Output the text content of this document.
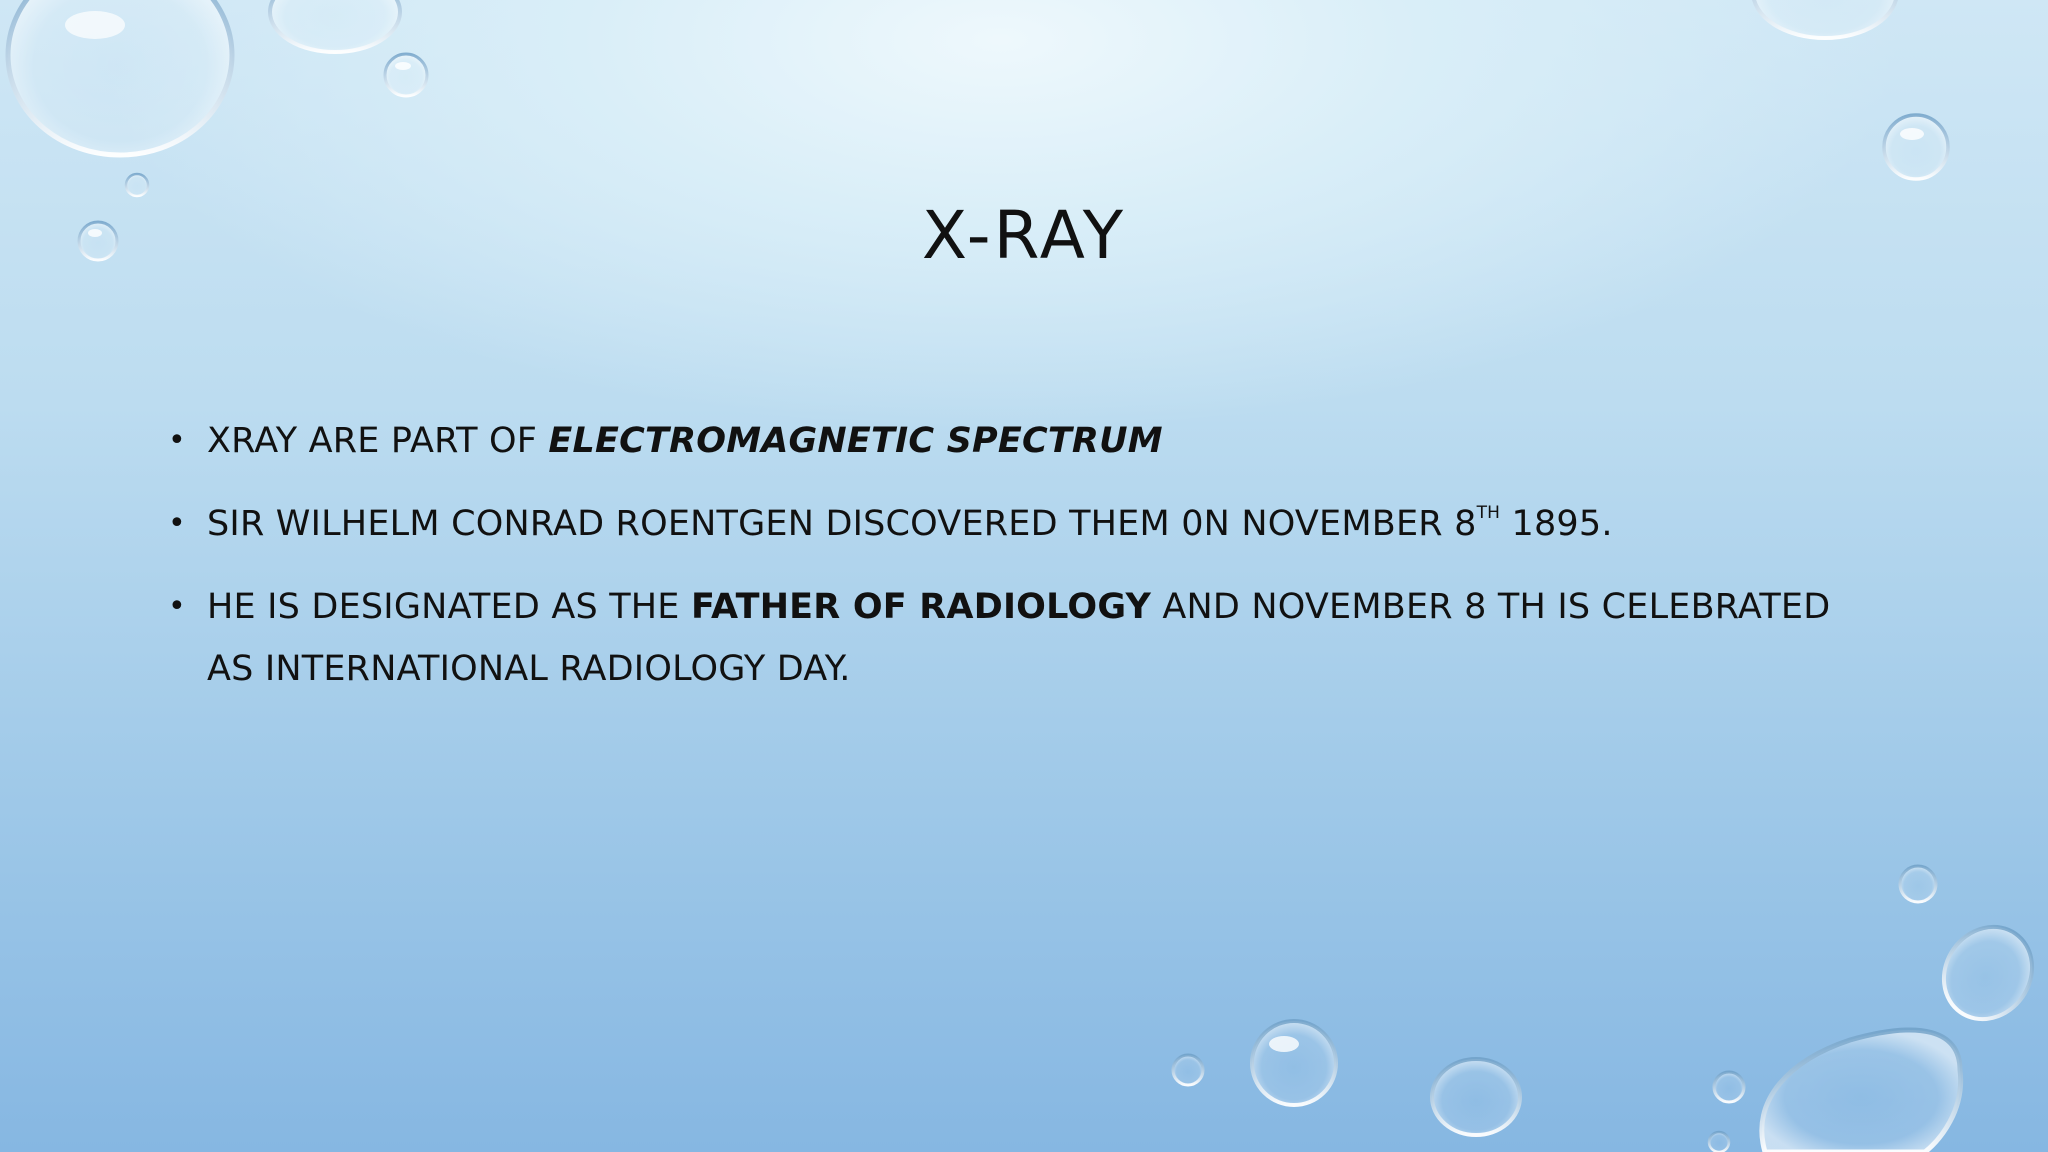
X-RAY
• XRAY ARE PART OF ELECTROMAGNETIC SPECTRUM
• SIR WILHELM CONRAD ROENTGEN DISCOVERED THEM 0N NOVEMBER 8TH 1895.
• HE IS DESIGNATED AS THE FATHER OF RADIOLOGY AND NOVEMBER 8 TH IS CELEBRATED AS INTERNATIONAL RADIOLOGY DAY.
